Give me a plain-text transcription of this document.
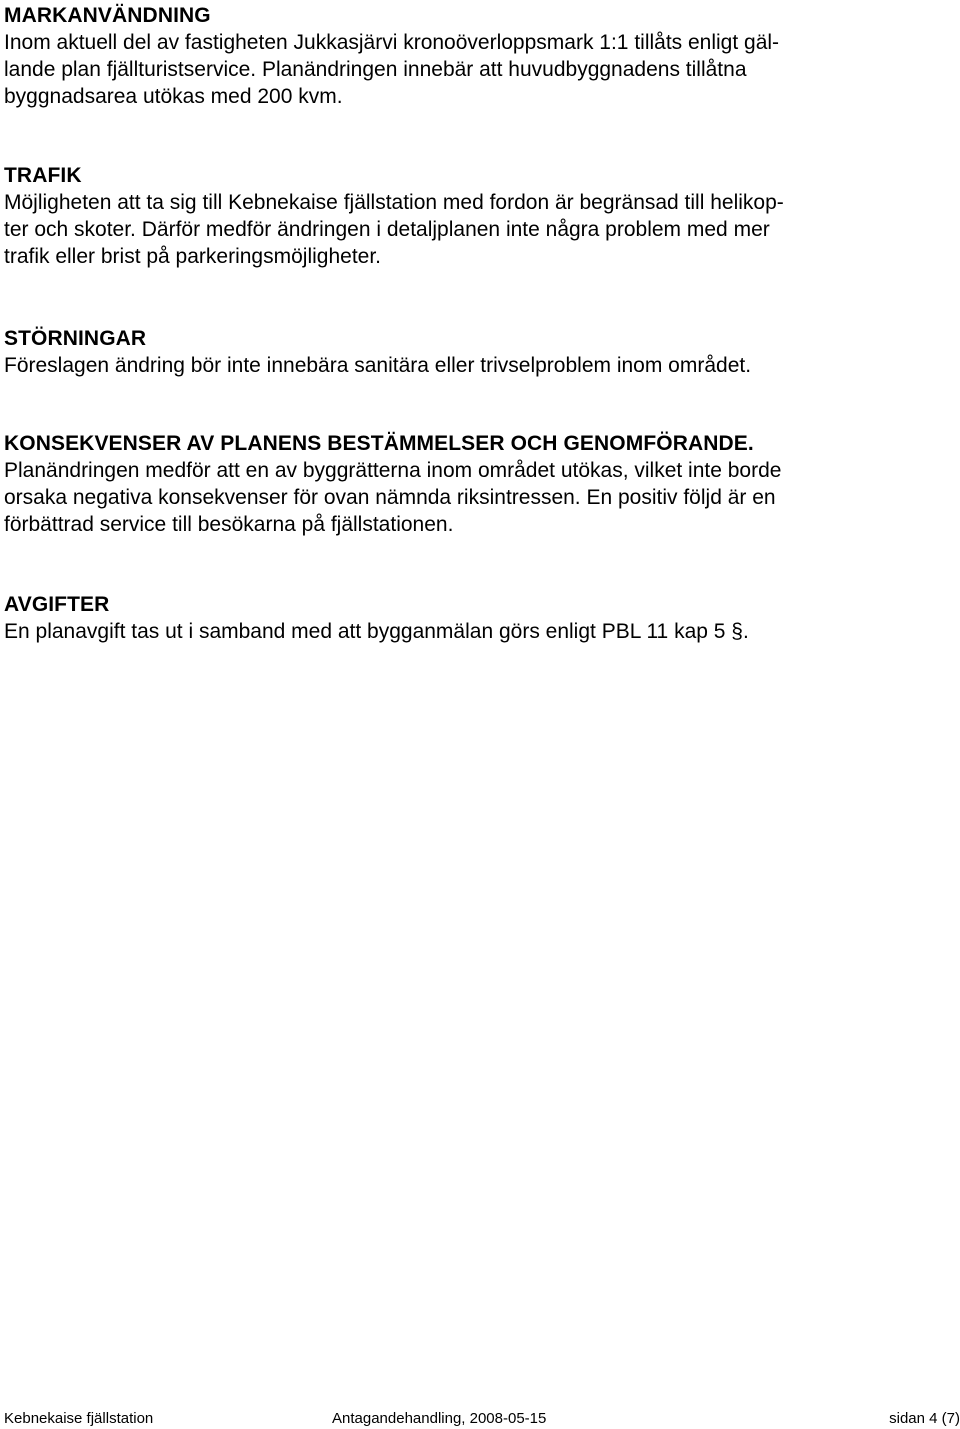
MARKANVÄNDNING
Inom aktuell del av fastigheten Jukkasjärvi kronoöverloppsmark 1:1 tillåts enligt gäl-
lande plan fjällturistservice. Planändringen innebär att huvudbyggnadens tillåtna
byggnadsarea utökas med 200 kvm.
TRAFIK
Möjligheten att ta sig till Kebnekaise fjällstation med fordon är begränsad till helikop-
ter och skoter. Därför medför ändringen i detaljplanen inte några problem med mer
trafik eller brist på parkeringsmöjligheter.
STÖRNINGAR
Föreslagen ändring bör inte innebära sanitära eller trivselproblem inom området.
KONSEKVENSER AV PLANENS BESTÄMMELSER OCH GENOMFÖRANDE.
Planändringen medför att en av byggrätterna inom området utökas, vilket inte borde
orsaka negativa konsekvenser för ovan nämnda riksintressen. En positiv följd är en
förbättrad service till besökarna på fjällstationen.
AVGIFTER
En planavgift tas ut i samband med att bygganmälan görs enligt PBL 11 kap 5 §.
Kebnekaise fjällstation	Antagandehandling, 2008-05-15	sidan 4 (7)
